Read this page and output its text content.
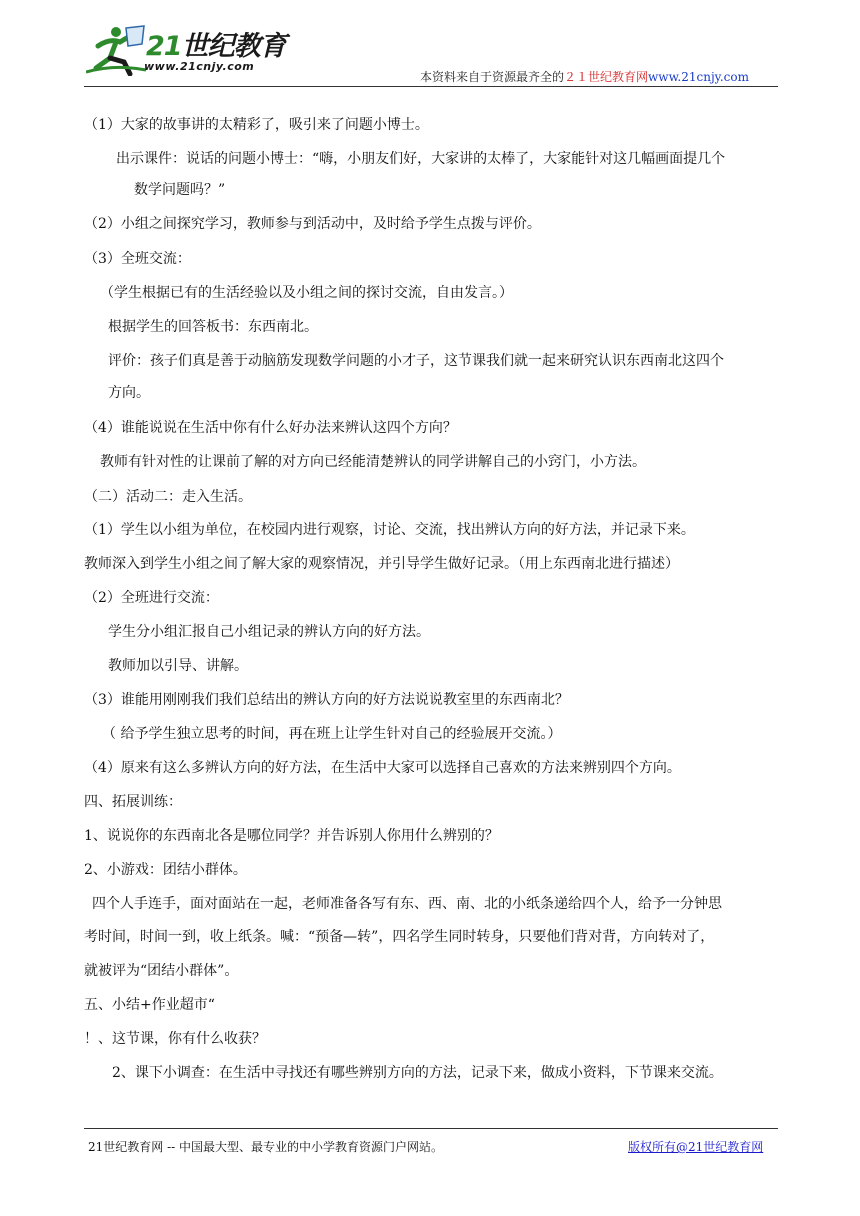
21世纪教育
www.21cnjy.com
本资料来自于资源最齐全的２１世纪教育网www.21cnjy.com
（1）大家的故事讲的太精彩了，吸引来了问题小博士。
出示课件：说话的问题小博士：“嗨，小朋友们好，大家讲的太棒了，大家能针对这几幅画面提几个
数学问题吗？”
（2）小组之间探究学习，教师参与到活动中，及时给予学生点拨与评价。
（3）全班交流：
（学生根据已有的生活经验以及小组之间的探讨交流，自由发言。）
根据学生的回答板书：东西南北。
评价：孩子们真是善于动脑筋发现数学问题的小才子，这节课我们就一起来研究认识东西南北这四个
方向。
（4）谁能说说在生活中你有什么好办法来辨认这四个方向？
教师有针对性的让课前了解的对方向已经能清楚辨认的同学讲解自己的小窍门，小方法。
（二）活动二：走入生活。
（1）学生以小组为单位，在校园内进行观察，讨论、交流，找出辨认方向的好方法，并记录下来。
教师深入到学生小组之间了解大家的观察情况，并引导学生做好记录。（用上东西南北进行描述）
（2）全班进行交流：
学生分小组汇报自己小组记录的辨认方向的好方法。
教师加以引导、讲解。
（3）谁能用刚刚我们我们总结出的辨认方向的好方法说说教室里的东西南北？
（ 给予学生独立思考的时间，再在班上让学生针对自己的经验展开交流。）
（4）原来有这么多辨认方向的好方法，在生活中大家可以选择自己喜欢的方法来辨别四个方向。
四、拓展训练：
1、说说你的东西南北各是哪位同学？并告诉别人你用什么辨别的？
2、小游戏：团结小群体。
四个人手连手，面对面站在一起，老师准备各写有东、西、南、北的小纸条递给四个人，给予一分钟思
考时间，时间一到，收上纸条。喊：“预备—转”，四名学生同时转身，只要他们背对背，方向转对了，
就被评为“团结小群体”。
五、小结+作业超市“
！、这节课，你有什么收获？
2、课下小调查：在生活中寻找还有哪些辨别方向的方法，记录下来，做成小资料，下节课来交流。
21世纪教育网 -- 中国最大型、最专业的中小学教育资源门户网站。	版权所有@21世纪教育网
